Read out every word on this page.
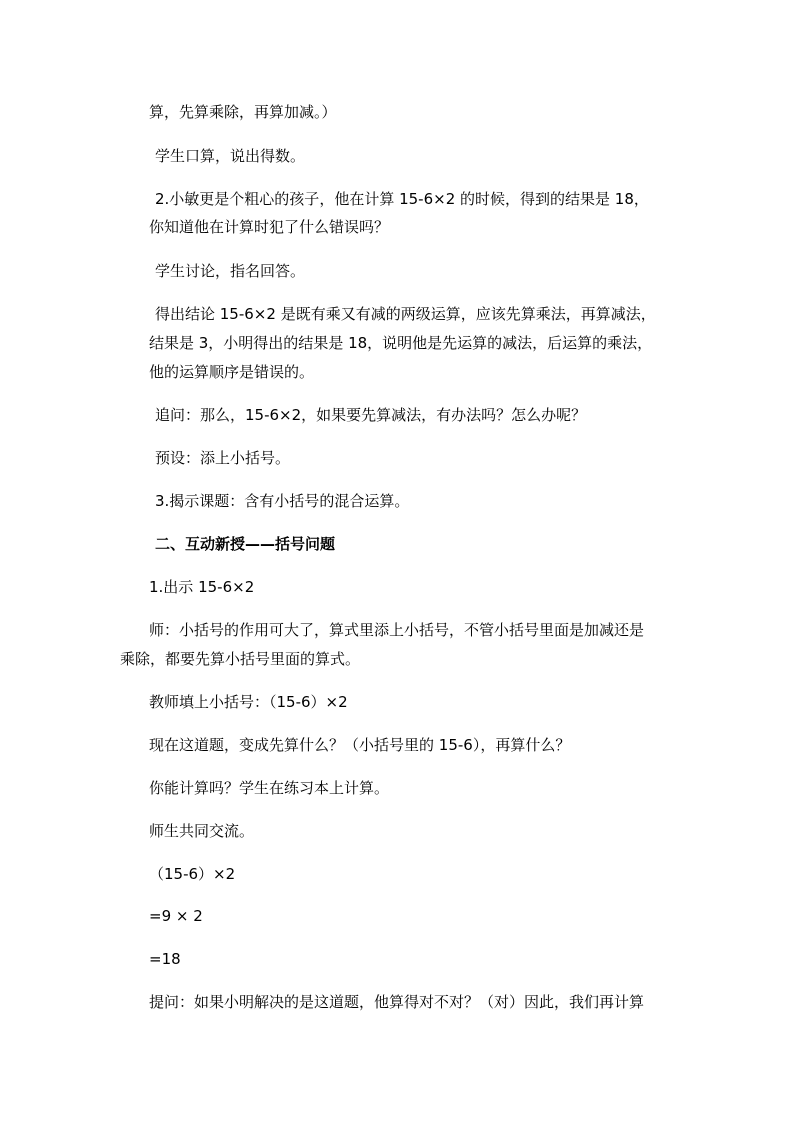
算，先算乘除，再算加减。）

学生口算，说出得数。

2.小敏更是个粗心的孩子，他在计算 15-6×2 的时候，得到的结果是 18，

你知道他在计算时犯了什么错误吗？

学生讨论，指名回答。

得出结论 15-6×2 是既有乘又有减的两级运算，应该先算乘法，再算减法，

结果是 3，小明得出的结果是 18，说明他是先运算的减法，后运算的乘法，

他的运算顺序是错误的。

追问：那么，15-6×2，如果要先算减法，有办法吗？怎么办呢？

预设：添上小括号。

3.揭示课题：含有小括号的混合运算。

二、互动新授——括号问题

1.出示 15-6×2

师：小括号的作用可大了，算式里添上小括号，不管小括号里面是加减还是

乘除，都要先算小括号里面的算式。

教师填上小括号：（15-6）×2

现在这道题，变成先算什么？（小括号里的 15-6），再算什么？

你能计算吗？学生在练习本上计算。

师生共同交流。

（15-6）×2

=9 × 2

=18

提问：如果小明解决的是这道题，他算得对不对？（对）因此，我们再计算
